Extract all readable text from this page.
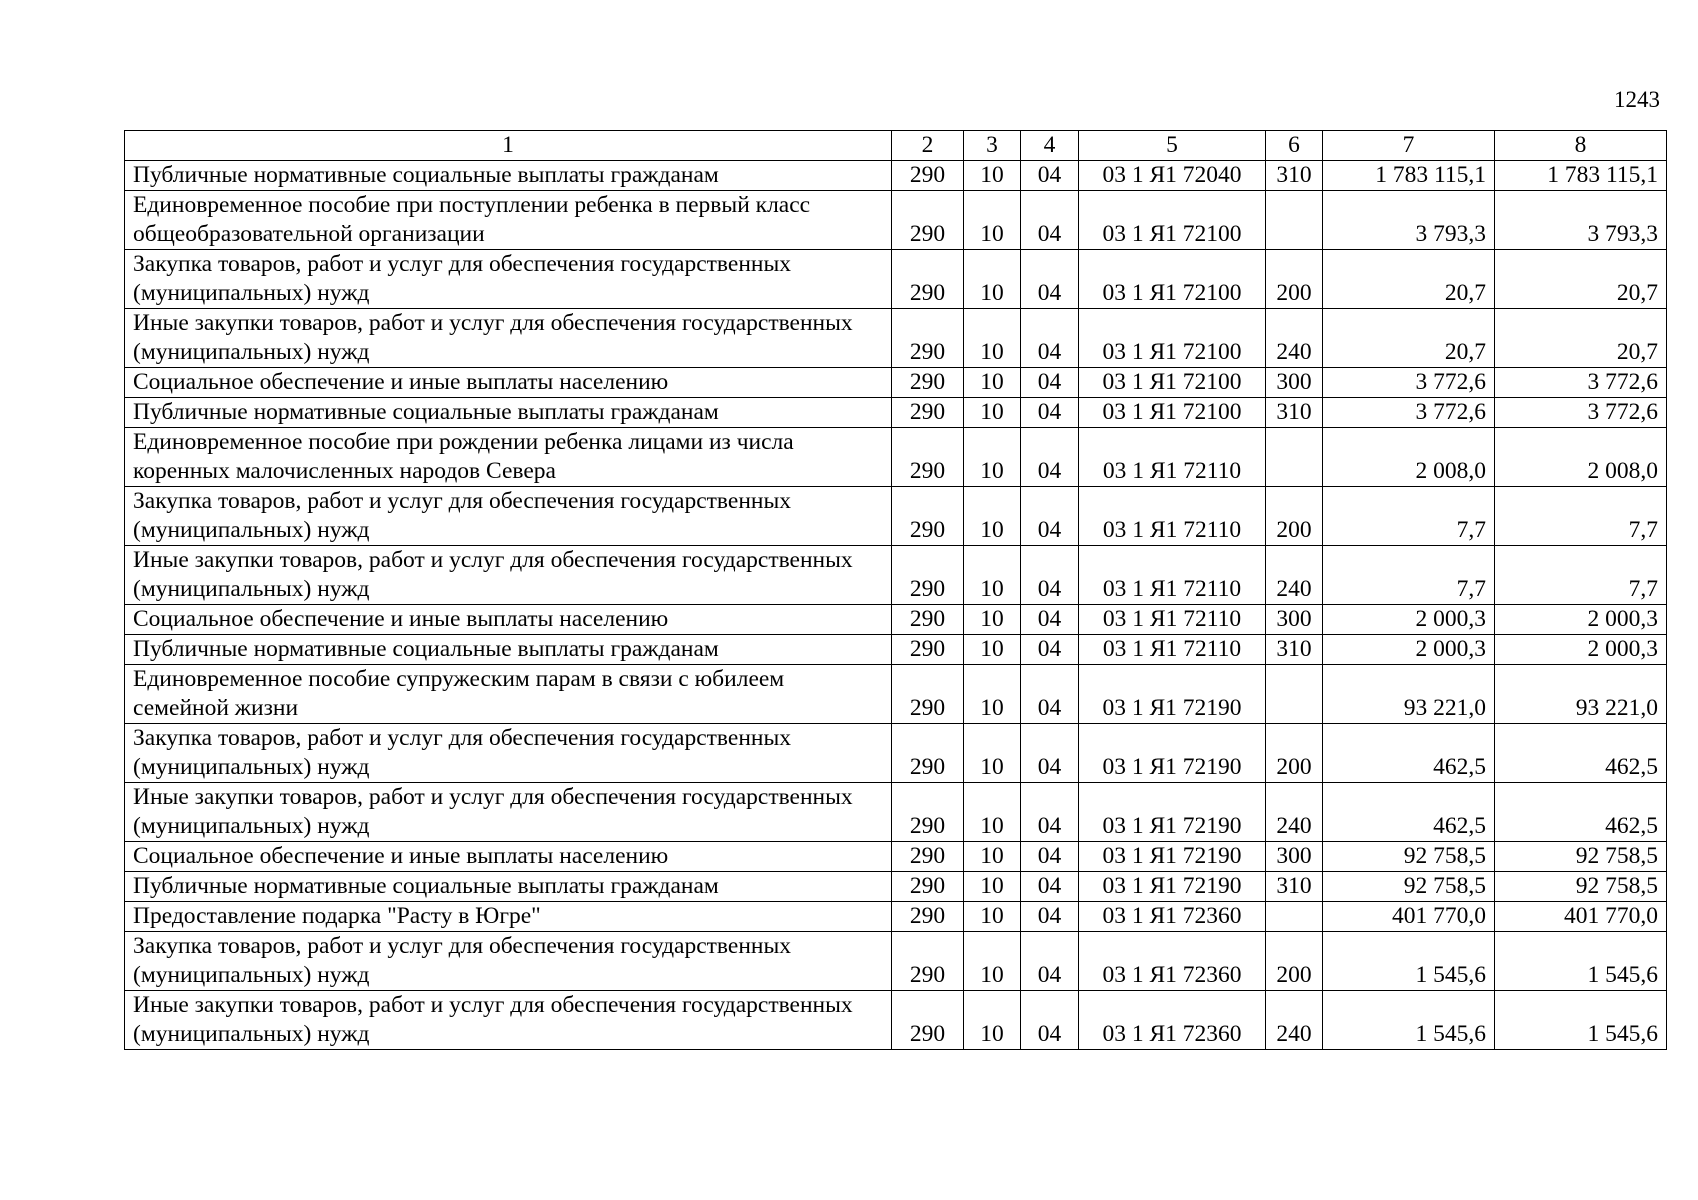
1243
1	2	3	4	5	6	7	8
Публичные нормативные социальные выплаты гражданам	290	10	04	03 1 Я1 72040	310	1 783 115,1	1 783 115,1
Единовременное пособие при поступлении ребенка в первый класс общеобразовательной организации	290	10	04	03 1 Я1 72100		3 793,3	3 793,3
Закупка товаров, работ и услуг для обеспечения государственных (муниципальных) нужд	290	10	04	03 1 Я1 72100	200	20,7	20,7
Иные закупки товаров, работ и услуг для обеспечения государственных (муниципальных) нужд	290	10	04	03 1 Я1 72100	240	20,7	20,7
Социальное обеспечение и иные выплаты населению	290	10	04	03 1 Я1 72100	300	3 772,6	3 772,6
Публичные нормативные социальные выплаты гражданам	290	10	04	03 1 Я1 72100	310	3 772,6	3 772,6
Единовременное пособие при рождении ребенка лицами из числа коренных малочисленных народов Севера	290	10	04	03 1 Я1 72110		2 008,0	2 008,0
Закупка товаров, работ и услуг для обеспечения государственных (муниципальных) нужд	290	10	04	03 1 Я1 72110	200	7,7	7,7
Иные закупки товаров, работ и услуг для обеспечения государственных (муниципальных) нужд	290	10	04	03 1 Я1 72110	240	7,7	7,7
Социальное обеспечение и иные выплаты населению	290	10	04	03 1 Я1 72110	300	2 000,3	2 000,3
Публичные нормативные социальные выплаты гражданам	290	10	04	03 1 Я1 72110	310	2 000,3	2 000,3
Единовременное пособие супружеским парам в связи с юбилеем семейной жизни	290	10	04	03 1 Я1 72190		93 221,0	93 221,0
Закупка товаров, работ и услуг для обеспечения государственных (муниципальных) нужд	290	10	04	03 1 Я1 72190	200	462,5	462,5
Иные закупки товаров, работ и услуг для обеспечения государственных (муниципальных) нужд	290	10	04	03 1 Я1 72190	240	462,5	462,5
Социальное обеспечение и иные выплаты населению	290	10	04	03 1 Я1 72190	300	92 758,5	92 758,5
Публичные нормативные социальные выплаты гражданам	290	10	04	03 1 Я1 72190	310	92 758,5	92 758,5
Предоставление подарка "Расту в Югре"	290	10	04	03 1 Я1 72360		401 770,0	401 770,0
Закупка товаров, работ и услуг для обеспечения государственных (муниципальных) нужд	290	10	04	03 1 Я1 72360	200	1 545,6	1 545,6
Иные закупки товаров, работ и услуг для обеспечения государственных (муниципальных) нужд	290	10	04	03 1 Я1 72360	240	1 545,6	1 545,6
